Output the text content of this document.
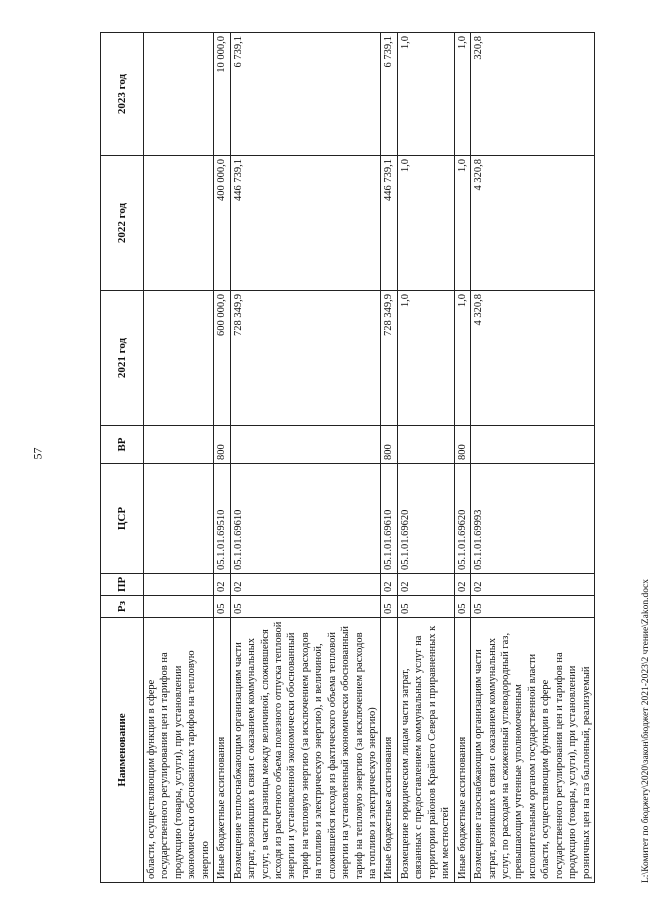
57
Наименование	Рз	ПР	ЦСР	ВР	2021 год	2022 год	2023 год
области, осуществляющим функции в сфере государственного регулирования цен и тарифов на продукцию (товары, услуги), при установлении экономически обоснованных тарифов на тепловую энергию							
Иные бюджетные ассигнования	05	02	05.1.01.69510	800	600 000,0	400 000,0	10 000,0
Возмещение теплоснабжающим организациям части затрат, возникших в связи с оказанием коммунальных услуг, в части разницы между величиной, сложившейся исходя из расчетного объема полезного отпуска тепловой энергии и установленной экономически обоснованный тариф на тепловую энергию (за исключением расходов на топливо и электрическую энергию), и величиной, сложившейся исходя из фактического объема тепловой энергии на установленный экономически обоснованный тариф на тепловую энергию (за исключением расходов на топливо и электрическую энергию)	05	02	05.1.01.69610		728 349,9	446 739,1	6 739,1
Иные бюджетные ассигнования	05	02	05.1.01.69610	800	728 349,9	446 739,1	6 739,1
Возмещение юридическим лицам части затрат, связанных с предоставлением коммунальных услуг на территории районов Крайнего Севера и приравненных к ним местностей	05	02	05.1.01.69620		1,0	1,0	1,0
Иные бюджетные ассигнования	05	02	05.1.01.69620	800	1,0	1,0	1,0
Возмещение газоснабжающим организациям части затрат, возникших в связи с оказанием коммунальных услуг, по расходам на сжиженный углеводородный газ, превышающим учтенные уполномоченным исполнительным органом государственной власти области, осуществляющим функции в сфере государственного регулирования цен и тарифов на продукцию (товары, услуги), при установлении розничных цен на газ баллонный, реализуемый	05	02	05.1.01.69993		4 320,8	4 320,8	320,8
L:\Комитет по бюджету\2020\закон\бюджет 2021-2023\2 чтение\Zakon.docx
